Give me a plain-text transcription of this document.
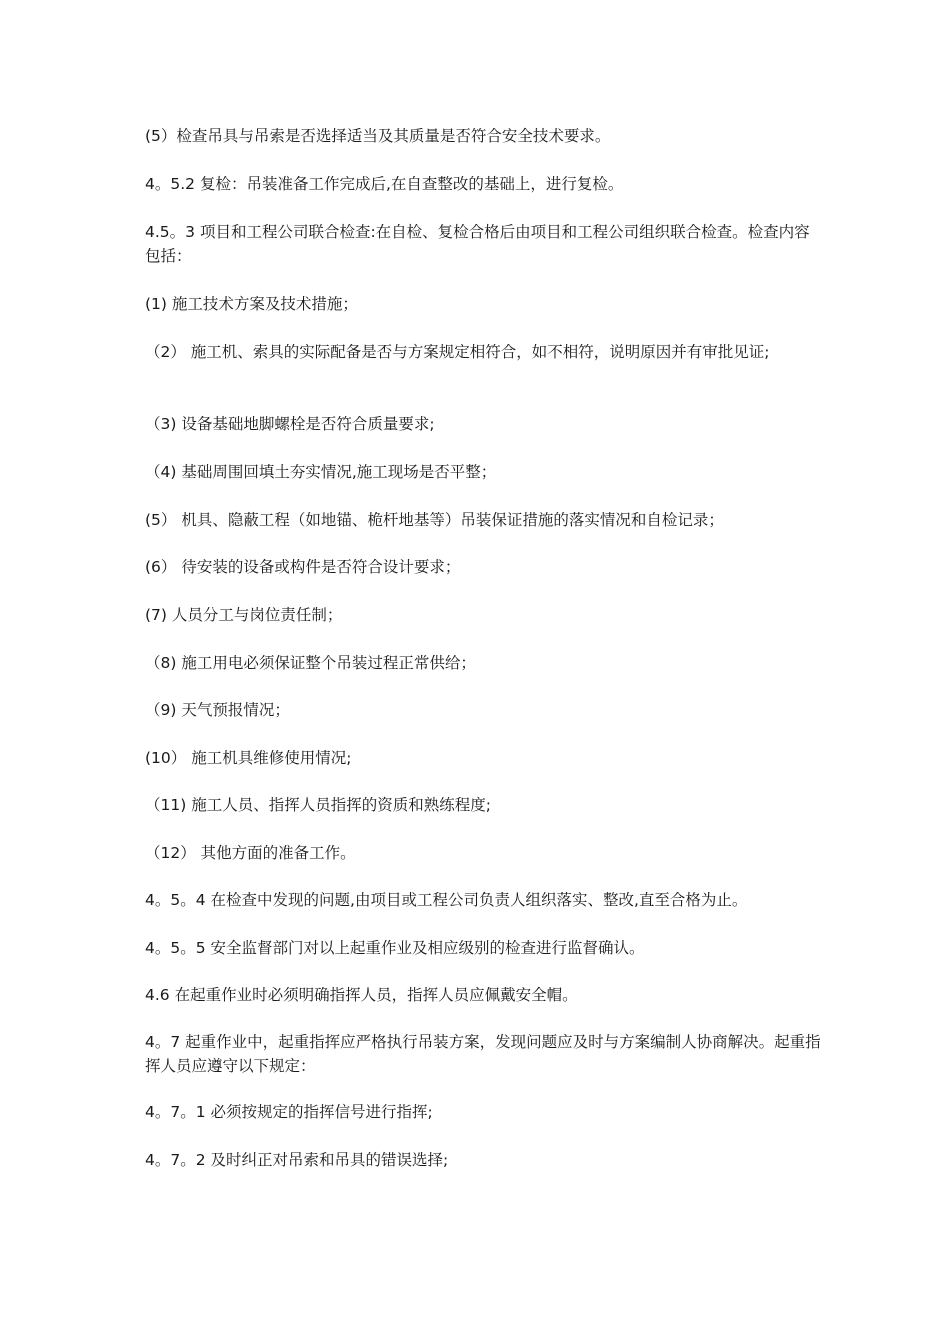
(5）检查吊具与吊索是否选择适当及其质量是否符合安全技术要求。
4。5.2 复检：吊装准备工作完成后,在自查整改的基础上，进行复检。
4.5。3 项目和工程公司联合检查:在自检、复检合格后由项目和工程公司组织联合检查。检查内容包括：
(1) 施工技术方案及技术措施；
（2） 施工机、索具的实际配备是否与方案规定相符合，如不相符，说明原因并有审批见证;
（3) 设备基础地脚螺栓是否符合质量要求;
（4) 基础周围回填土夯实情况,施工现场是否平整；
(5） 机具、隐蔽工程（如地锚、桅杆地基等）吊装保证措施的落实情况和自检记录；
(6） 待安装的设备或构件是否符合设计要求；
(7) 人员分工与岗位责任制；
（8) 施工用电必须保证整个吊装过程正常供给；
（9) 天气预报情况；
(10） 施工机具维修使用情况;
（11) 施工人员、指挥人员指挥的资质和熟练程度;
（12） 其他方面的准备工作。
4。5。4 在检查中发现的问题,由项目或工程公司负责人组织落实、整改,直至合格为止。
4。5。5 安全监督部门对以上起重作业及相应级别的检查进行监督确认。
4.6 在起重作业时必须明确指挥人员，指挥人员应佩戴安全帽。
4。7 起重作业中，起重指挥应严格执行吊装方案，发现问题应及时与方案编制人协商解决。起重指挥人员应遵守以下规定：
4。7。1 必须按规定的指挥信号进行指挥;
4。7。2 及时纠正对吊索和吊具的错误选择;
